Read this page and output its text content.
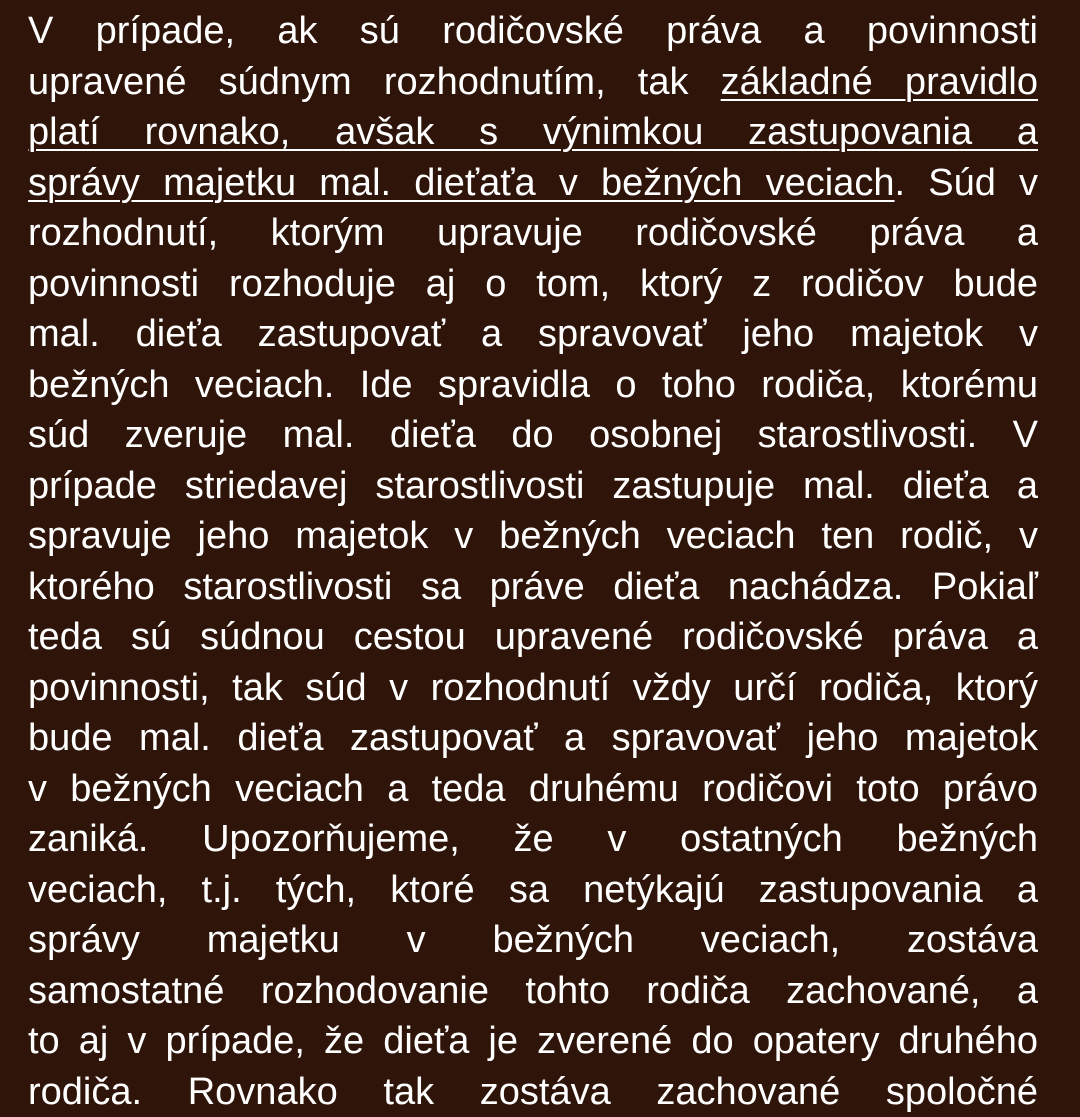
V prípade, ak sú rodičovské práva a povinnosti
upravené súdnym rozhodnutím, tak základné pravidlo
platí rovnako, avšak s výnimkou zastupovania a
správy majetku mal. dieťaťa v bežných veciach. Súd v
rozhodnutí, ktorým upravuje rodičovské práva a
povinnosti rozhoduje aj o tom, ktorý z rodičov bude
mal. dieťa zastupovať a spravovať jeho majetok v
bežných veciach. Ide spravidla o toho rodiča, ktorému
súd zveruje mal. dieťa do osobnej starostlivosti. V
prípade striedavej starostlivosti zastupuje mal. dieťa a
spravuje jeho majetok v bežných veciach ten rodič, v
ktorého starostlivosti sa práve dieťa nachádza. Pokiaľ
teda sú súdnou cestou upravené rodičovské práva a
povinnosti, tak súd v rozhodnutí vždy určí rodiča, ktorý
bude mal. dieťa zastupovať a spravovať jeho majetok
v bežných veciach a teda druhému rodičovi toto právo
zaniká. Upozorňujeme, že v ostatných bežných
veciach, t.j. tých, ktoré sa netýkajú zastupovania a
správy majetku v bežných veciach, zostáva
samostatné rozhodovanie tohto rodiča zachované, a
to aj v prípade, že dieťa je zverené do opatery druhého
rodiča. Rovnako tak zostáva zachované spoločné
